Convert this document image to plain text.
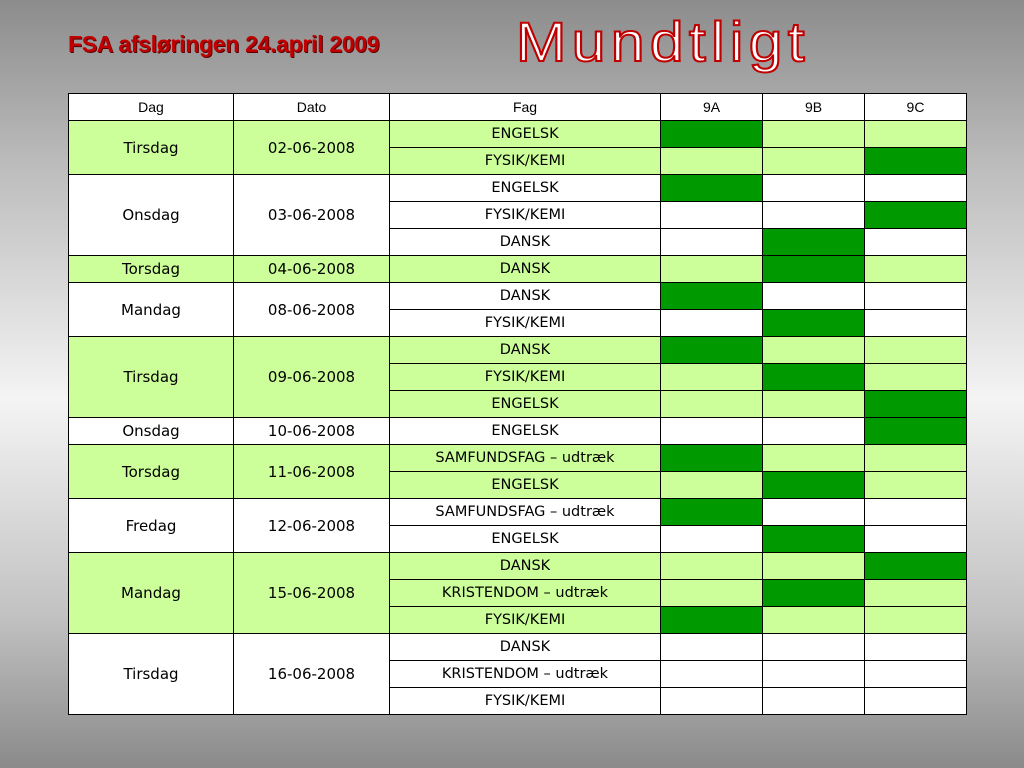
FSA afsløringen 24.april 2009 Mundtligt
Dag	Dato	Fag	9A	9B	9C
Tirsdag	02-06-2008	ENGELSK			
		FYSIK/KEMI			
Onsdag	03-06-2008	ENGELSK			
		FYSIK/KEMI			
		DANSK			
Torsdag	04-06-2008	DANSK			
Mandag	08-06-2008	DANSK			
		FYSIK/KEMI			
Tirsdag	09-06-2008	DANSK			
		FYSIK/KEMI			
		ENGELSK			
Onsdag	10-06-2008	ENGELSK			
Torsdag	11-06-2008	SAMFUNDSFAG – udtræk			
		ENGELSK			
Fredag	12-06-2008	SAMFUNDSFAG – udtræk			
		ENGELSK			
Mandag	15-06-2008	DANSK			
		KRISTENDOM – udtræk			
		FYSIK/KEMI			
Tirsdag	16-06-2008	DANSK			
		KRISTENDOM – udtræk			
		FYSIK/KEMI			
